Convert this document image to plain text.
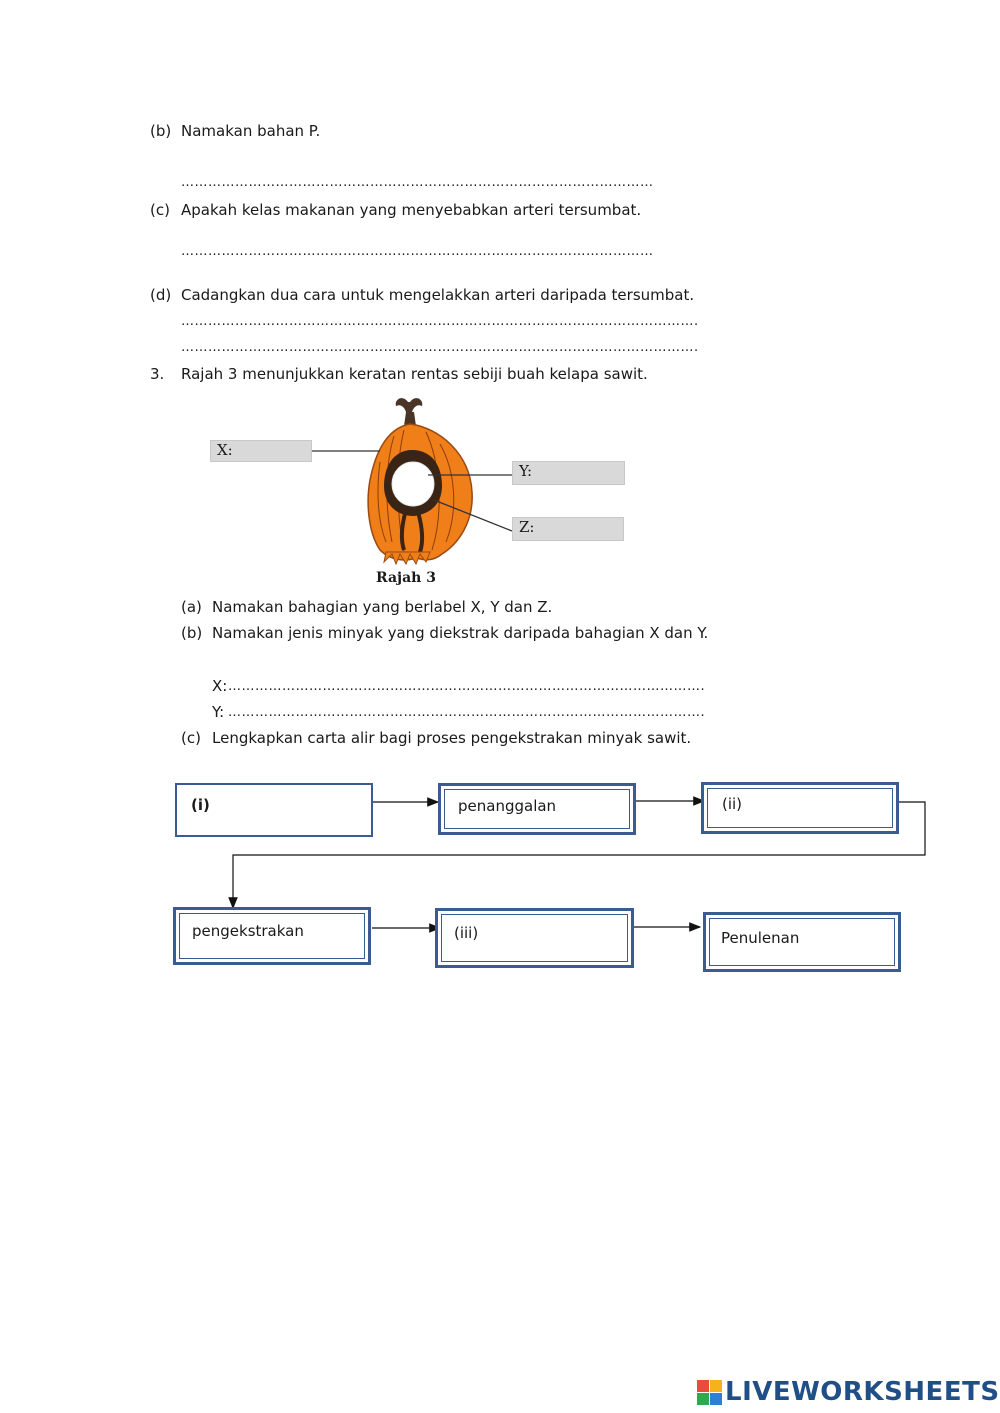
(b) Namakan bahan P.
……………………………………………………………………………………………
(c) Apakah kelas makanan yang menyebabkan arteri tersumbat.
……………………………………………………………………………………………
(d) Cadangkan dua cara untuk mengelakkan arteri daripada tersumbat.
…………………………………………………………………………………………………….
…………………………………………………………………………………………………….
3. Rajah 3 menunjukkan keratan rentas sebiji buah kelapa sawit.
X:
Y:
Z:
Rajah 3
(a) Namakan bahagian yang berlabel X, Y dan Z.
(b) Namakan jenis minyak yang diekstrak daripada bahagian X dan Y.
X: …………………………………………………………………………………………….
Y: …………………………………………………………………………………………….
(c) Lengkapkan carta alir bagi proses pengekstrakan minyak sawit.
(i)	penanggalan	(ii)
pengekstrakan	(iii)	Penulenan
LIVEWORKSHEETS
